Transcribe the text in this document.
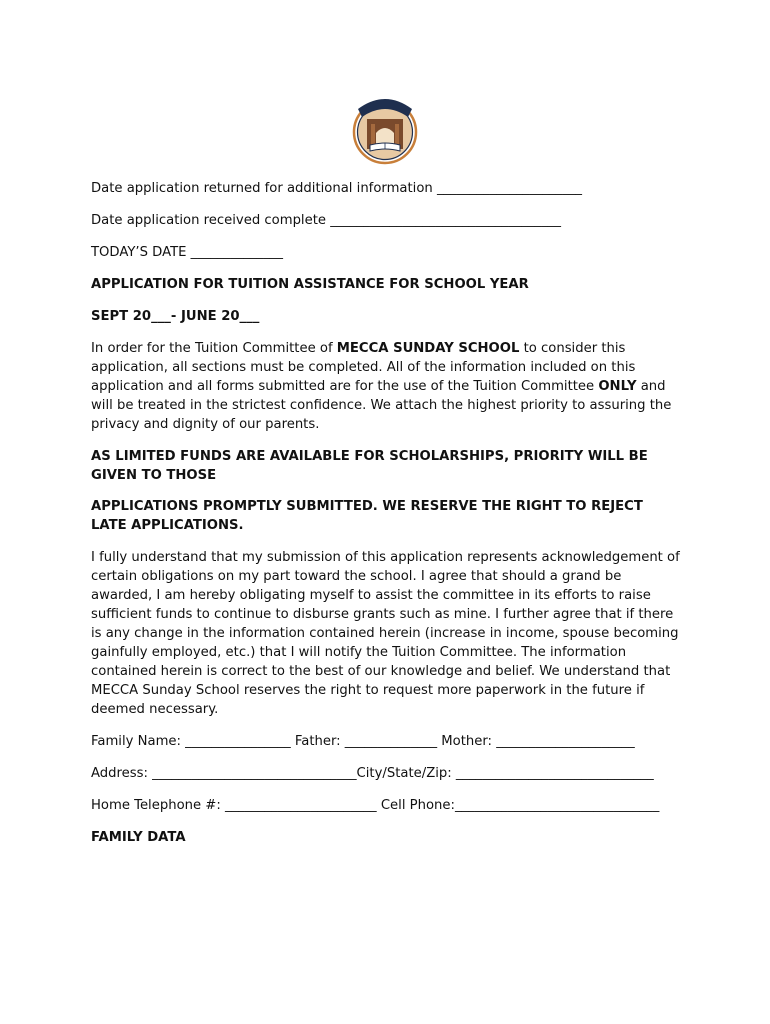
Date application returned for additional information ______________________

Date application received complete ___________________________________

TODAY’S DATE ______________

APPLICATION FOR TUITION ASSISTANCE FOR SCHOOL YEAR

SEPT 20___- JUNE 20___

In order for the Tuition Committee of MECCA SUNDAY SCHOOL to consider this application, all sections must be completed. All of the information included on this application and all forms submitted are for the use of the Tuition Committee ONLY and will be treated in the strictest confidence. We attach the highest priority to assuring the privacy and dignity of our parents.

AS LIMITED FUNDS ARE AVAILABLE FOR SCHOLARSHIPS, PRIORITY WILL BE GIVEN TO THOSE

APPLICATIONS PROMPTLY SUBMITTED. WE RESERVE THE RIGHT TO REJECT LATE APPLICATIONS.

I fully understand that my submission of this application represents acknowledgement of certain obligations on my part toward the school. I agree that should a grand be awarded, I am hereby obligating myself to assist the committee in its efforts to raise sufficient funds to continue to disburse grants such as mine. I further agree that if there is any change in the information contained herein (increase in income, spouse becoming gainfully employed, etc.) that I will notify the Tuition Committee. The information contained herein is correct to the best of our knowledge and belief. We understand that MECCA Sunday School reserves the right to request more paperwork in the future if deemed necessary.

Family Name: ________________ Father: ______________ Mother: _____________________

Address: _______________________________City/State/Zip: ______________________________

Home Telephone #: _______________________ Cell Phone:_______________________________

FAMILY DATA
